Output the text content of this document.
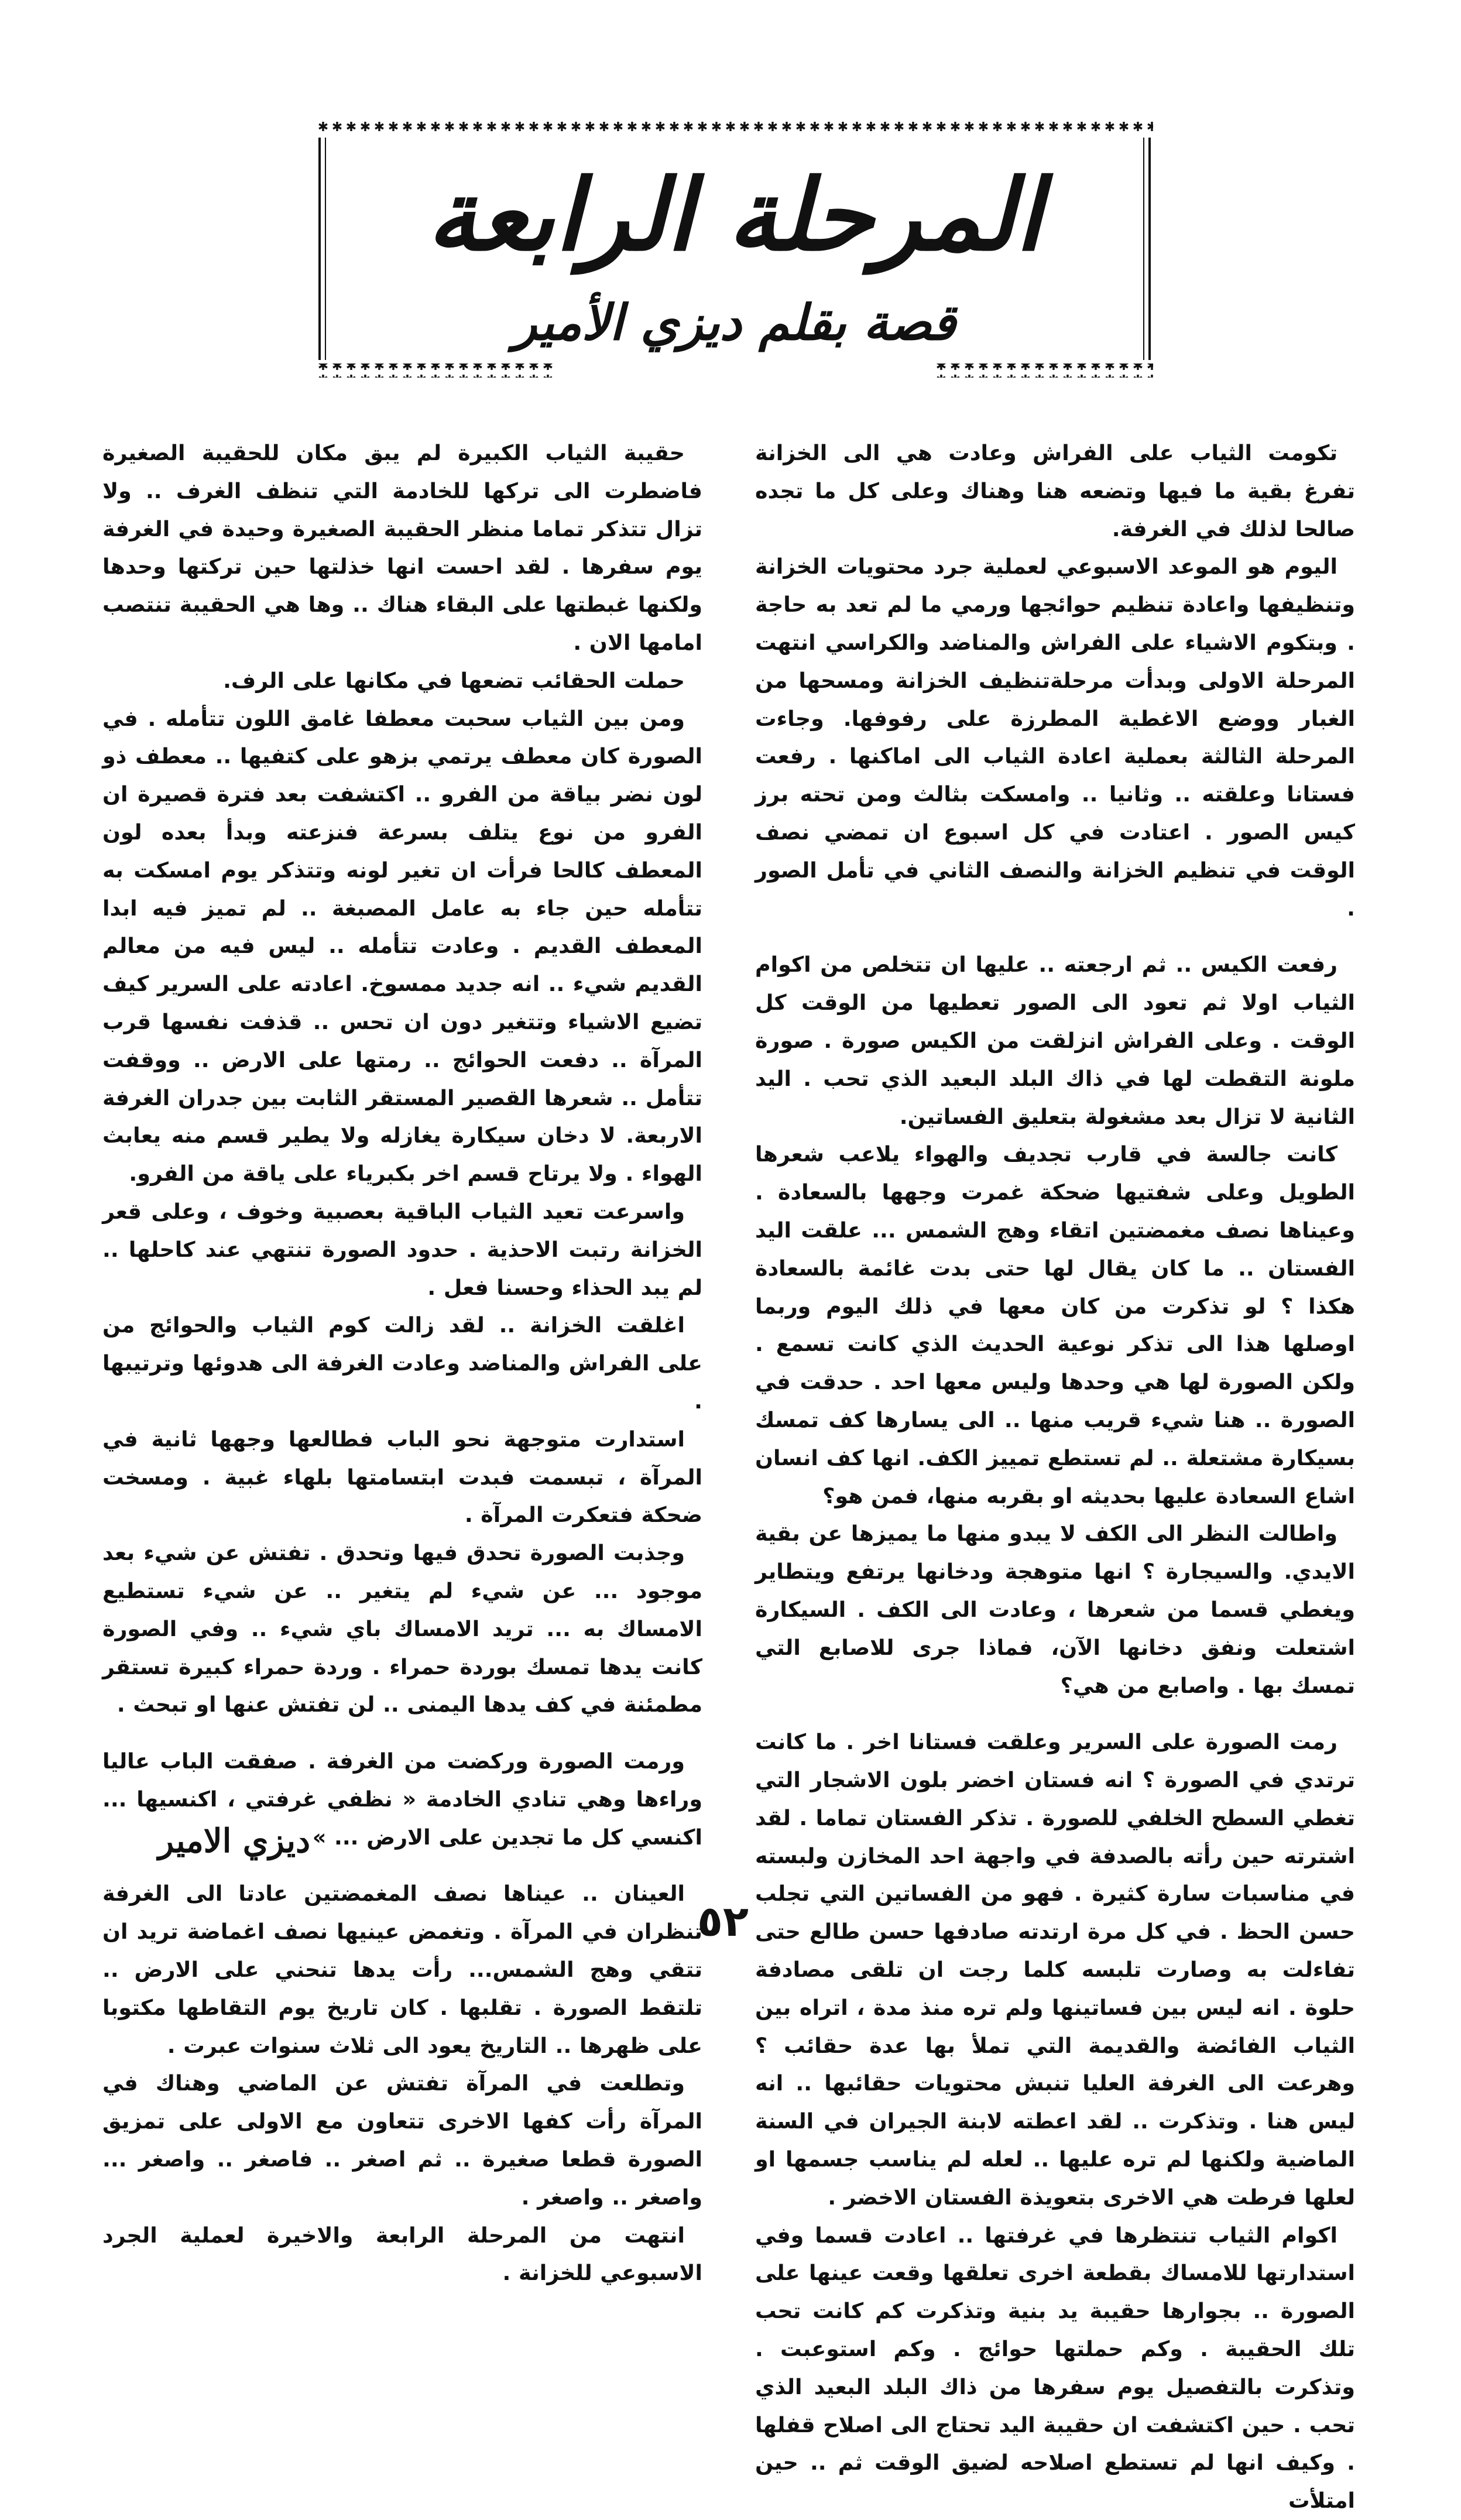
المرحلة الرابعة
قصة بقلم ديزي الأمير

تكومت الثياب على الفراش وعادت هي الى الخزانة تفرغ بقية ما فيها وتضعه هنا وهناك وعلى كل ما تجده صالحا لذلك في الغرفة.

اليوم هو الموعد الاسبوعي لعملية جرد محتويات الخزانة وتنظيفها واعادة تنظيم حوائجها ورمي ما لم تعد به حاجة . وبتكوم الاشياء على الفراش والمناضد والكراسي انتهت المرحلة الاولى وبدأت مرحلةتنظيف الخزانة ومسحها من الغبار ووضع الاغطية المطرزة على رفوفها. وجاءت المرحلة الثالثة بعملية اعادة الثياب الى اماكنها . رفعت فستانا وعلقته .. وثانيا .. وامسكت بثالث ومن تحته برز كيس الصور . اعتادت في كل اسبوع ان تمضي نصف الوقت في تنظيم الخزانة والنصف الثاني في تأمل الصور .

رفعت الكيس .. ثم ارجعته .. عليها ان تتخلص من اكوام الثياب اولا ثم تعود الى الصور تعطيها من الوقت كل الوقت . وعلى الفراش انزلقت من الكيس صورة . صورة ملونة التقطت لها في ذاك البلد البعيد الذي تحب . اليد الثانية لا تزال بعد مشغولة بتعليق الفساتين.

كانت جالسة في قارب تجديف والهواء يلاعب شعرها الطويل وعلى شفتيها ضحكة غمرت وجهها بالسعادة . وعيناها نصف مغمضتين اتقاء وهج الشمس ... علقت اليد الفستان .. ما كان يقال لها حتى بدت غائمة بالسعادة هكذا ؟ لو تذكرت من كان معها في ذلك اليوم وربما اوصلها هذا الى تذكر نوعية الحديث الذي كانت تسمع . ولكن الصورة لها هي وحدها وليس معها احد . حدقت في الصورة .. هنا شيء قريب منها .. الى يسارها كف تمسك بسيكارة مشتعلة .. لم تستطع تمييز الكف. انها كف انسان اشاع السعادة عليها بحديثه او بقربه منها، فمن هو؟

واطالت النظر الى الكف لا يبدو منها ما يميزها عن بقية الايدي. والسيجارة ؟ انها متوهجة ودخانها يرتفع ويتطاير ويغطي قسما من شعرها ، وعادت الى الكف . السيكارة اشتعلت ونفق دخانها الآن، فماذا جرى للاصابع التي تمسك بها . واصابع من هي؟

رمت الصورة على السرير وعلقت فستانا اخر . ما كانت ترتدي في الصورة ؟ انه فستان اخضر بلون الاشجار التي تغطي السطح الخلفي للصورة . تذكر الفستان تماما . لقد اشترته حين رأته بالصدفة في واجهة احد المخازن ولبسته في مناسبات سارة كثيرة . فهو من الفساتين التي تجلب حسن الحظ . في كل مرة ارتدته صادفها حسن طالع حتى تفاءلت به وصارت تلبسه كلما رجت ان تلقى مصادفة حلوة . انه ليس بين فساتينها ولم تره منذ مدة ، اتراه بين الثياب الفائضة والقديمة التي تملأ بها عدة حقائب ؟ وهرعت الى الغرفة العليا تنبش محتويات حقائبها .. انه ليس هنا . وتذكرت .. لقد اعطته لابنة الجيران في السنة الماضية ولكنها لم تره عليها .. لعله لم يناسب جسمها او لعلها فرطت هي الاخرى بتعويذة الفستان الاخضر .

اكوام الثياب تنتظرها في غرفتها .. اعادت قسما وفي استدارتها للامساك بقطعة اخرى تعلقها وقعت عينها على الصورة .. بجوارها حقيبة يد بنية وتذكرت كم كانت تحب تلك الحقيبة . وكم حملتها حوائج . وكم استوعبت . وتذكرت بالتفصيل يوم سفرها من ذاك البلد البعيد الذي تحب . حين اكتشفت ان حقيبة اليد تحتاج الى اصلاح قفلها . وكيف انها لم تستطع اصلاحه لضيق الوقت ثم .. حين امتلأت

حقيبة الثياب الكبيرة لم يبق مكان للحقيبة الصغيرة فاضطرت الى تركها للخادمة التي تنظف الغرف .. ولا تزال تتذكر تماما منظر الحقيبة الصغيرة وحيدة في الغرفة يوم سفرها . لقد احست انها خذلتها حين تركتها وحدها ولكنها غبطتها على البقاء هناك .. وها هي الحقيبة تنتصب امامها الان .

حملت الحقائب تضعها في مكانها على الرف.

ومن بين الثياب سحبت معطفا غامق اللون تتأمله . في الصورة كان معطف يرتمي بزهو على كتفيها .. معطف ذو لون نضر بياقة من الفرو .. اكتشفت بعد فترة قصيرة ان الفرو من نوع يتلف بسرعة فنزعته وبدأ بعده لون المعطف كالحا فرأت ان تغير لونه وتتذكر يوم امسكت به تتأمله حين جاء به عامل المصبغة .. لم تميز فيه ابدا المعطف القديم . وعادت تتأمله .. ليس فيه من معالم القديم شيء .. انه جديد ممسوخ. اعادته على السرير كيف تضيع الاشياء وتتغير دون ان تحس .. قذفت نفسها قرب المرآة .. دفعت الحوائج .. رمتها على الارض .. ووقفت تتأمل .. شعرها القصير المستقر الثابت بين جدران الغرفة الاربعة. لا دخان سيكارة يغازله ولا يطير قسم منه يعابث الهواء . ولا يرتاح قسم اخر بكبرياء على ياقة من الفرو.

واسرعت تعيد الثياب الباقية بعصبية وخوف ، وعلى قعر الخزانة رتبت الاحذية . حدود الصورة تنتهي عند كاحلها .. لم يبد الحذاء وحسنا فعل .

اغلقت الخزانة .. لقد زالت كوم الثياب والحوائج من على الفراش والمناضد وعادت الغرفة الى هدوئها وترتيبها .

استدارت متوجهة نحو الباب فطالعها وجهها ثانية في المرآة ، تبسمت فبدت ابتسامتها بلهاء غبية . ومسخت ضحكة فتعكرت المرآة .

وجذبت الصورة تحدق فيها وتحدق . تفتش عن شيء بعد موجود ... عن شيء لم يتغير .. عن شيء تستطيع الامساك به ... تريد الامساك باي شيء .. وفي الصورة كانت يدها تمسك بوردة حمراء . وردة حمراء كبيرة تستقر مطمئنة في كف يدها اليمنى .. لن تفتش عنها او تبحث .

ورمت الصورة وركضت من الغرفة . صفقت الباب عاليا وراءها وهي تنادي الخادمة « نظفي غرفتي ، اكنسيها ... اكنسي كل ما تجدين على الارض ... »

العينان .. عيناها نصف المغمضتين عادتا الى الغرفة تنظران في المرآة . وتغمض عينيها نصف اغماضة تريد ان تتقي وهج الشمس... رأت يدها تنحني على الارض .. تلتقط الصورة . تقلبها . كان تاريخ يوم التقاطها مكتوبا على ظهرها .. التاريخ يعود الى ثلاث سنوات عبرت .

وتطلعت في المرآة تفتش عن الماضي وهناك في المرآة رأت كفها الاخرى تتعاون مع الاولى على تمزيق الصورة قطعا صغيرة .. ثم اصغر .. فاصغر .. واصغر ... واصغر .. واصغر .

انتهت من المرحلة الرابعة والاخيرة لعملية الجرد الاسبوعي للخزانة .

ديزي الامير
٥٢
